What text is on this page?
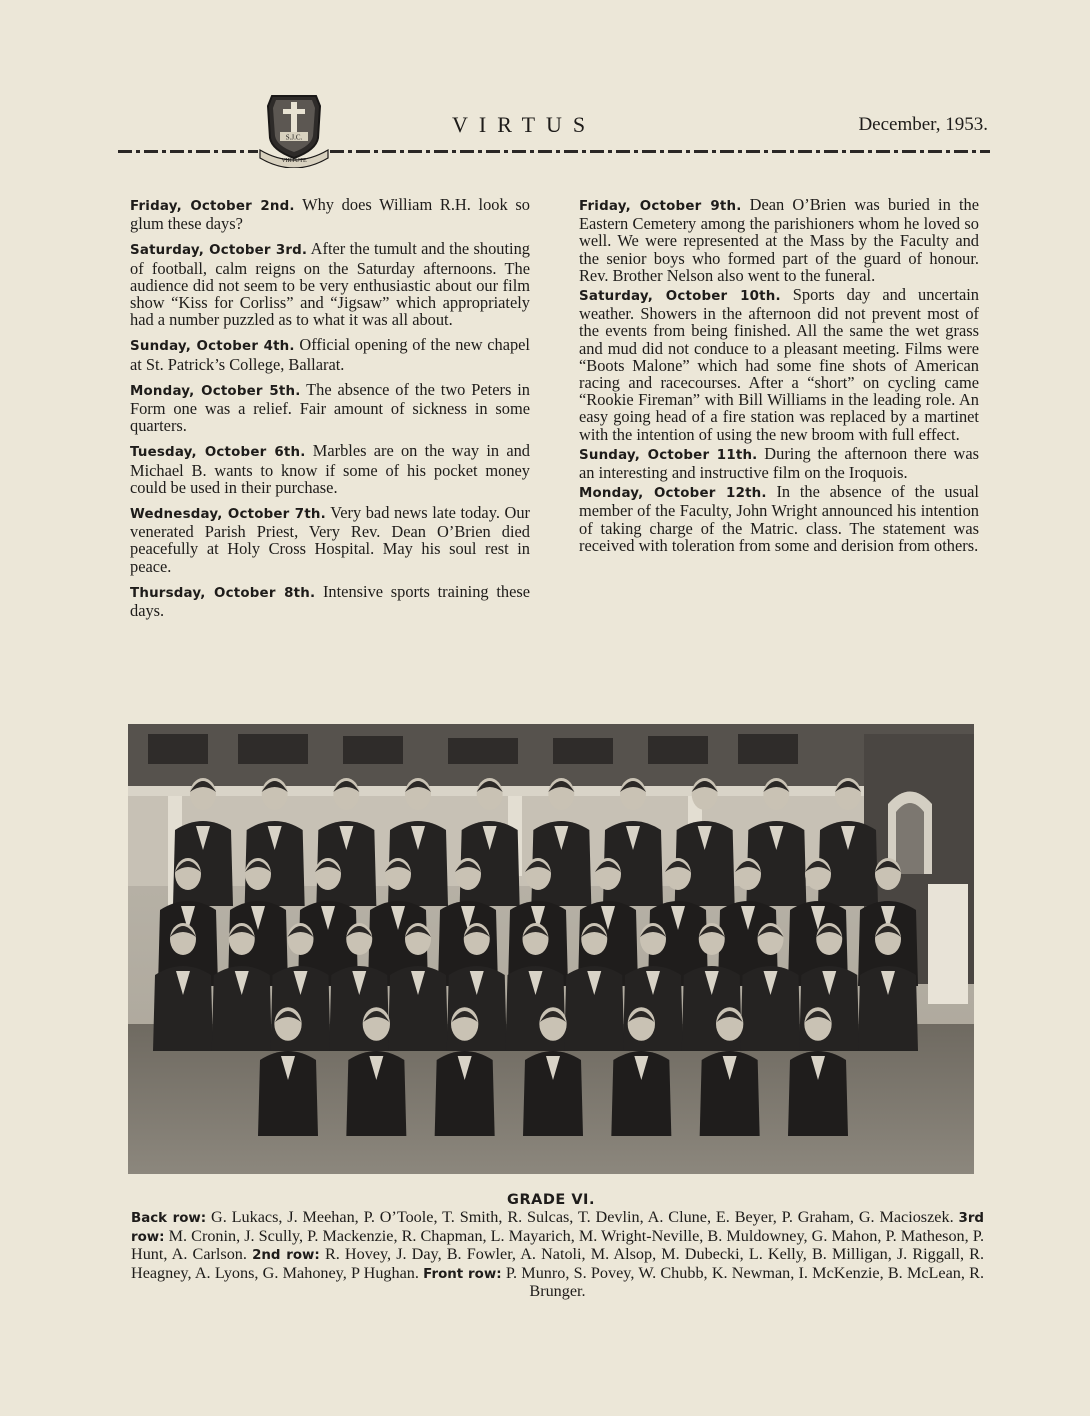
S.J.C.
VIRTUTE
VIRTUS	December, 1953.

Friday, October 2nd. Why does William R.H. look so glum these days?

Saturday, October 3rd. After the tumult and the shouting of football, calm reigns on the Saturday afternoons. The audience did not seem to be very enthusiastic about our film show “Kiss for Corliss” and “Jigsaw” which appropriately had a number puzzled as to what it was all about.

Sunday, October 4th. Official opening of the new chapel at St. Patrick’s College, Ballarat.

Monday, October 5th. The absence of the two Peters in Form one was a relief. Fair amount of sickness in some quarters.

Tuesday, October 6th. Marbles are on the way in and Michael B. wants to know if some of his pocket money could be used in their purchase.

Wednesday, October 7th. Very bad news late today. Our venerated Parish Priest, Very Rev. Dean O’Brien died peacefully at Holy Cross Hospital. May his soul rest in peace.

Thursday, October 8th. Intensive sports training these days.

Friday, October 9th. Dean O’Brien was buried in the Eastern Cemetery among the parishioners whom he loved so well. We were represented at the Mass by the Faculty and the senior boys who formed part of the guard of honour. Rev. Brother Nelson also went to the funeral.

Saturday, October 10th. Sports day and uncertain weather. Showers in the afternoon did not prevent most of the events from being finished. All the same the wet grass and mud did not conduce to a pleasant meeting. Films were “Boots Malone” which had some fine shots of American racing and racecourses. After a “short” on cycling came “Rookie Fireman” with Bill Williams in the leading role. An easy going head of a fire station was replaced by a martinet with the intention of using the new broom with full effect.

Sunday, October 11th. During the afternoon there was an interesting and instructive film on the Iroquois.

Monday, October 12th. In the absence of the usual member of the Faculty, John Wright announced his intention of taking charge of the Matric. class. The statement was received with toleration from some and derision from others.

GRADE VI.
Back row: G. Lukacs, J. Meehan, P. O’Toole, T. Smith, R. Sulcas, T. Devlin, A. Clune, E. Beyer, P. Graham, G. Macioszek. 3rd row: M. Cronin, J. Scully, P. Mackenzie, R. Chapman, L. Mayarich, M. Wright-Neville, B. Muldowney, G. Mahon, P. Matheson, P. Hunt, A. Carlson. 2nd row: R. Hovey, J. Day, B. Fowler, A. Natoli, M. Alsop, M. Dubecki, L. Kelly, B. Milligan, J. Riggall, R. Heagney, A. Lyons, G. Mahoney, P Hughan. Front row: P. Munro, S. Povey, W. Chubb, K. Newman, I. McKenzie, B. McLean, R. Brunger.
